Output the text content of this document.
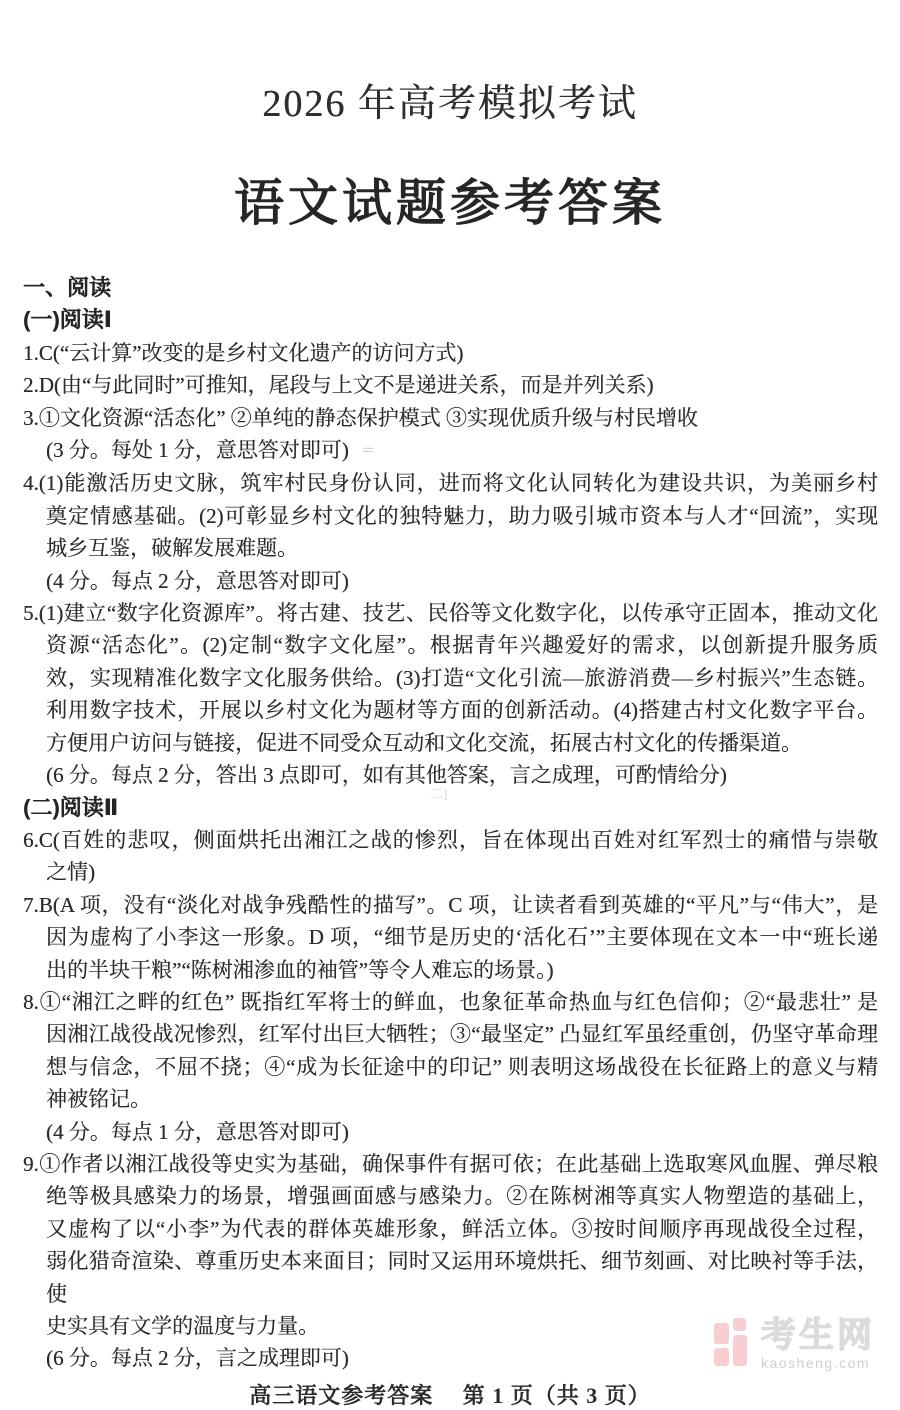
2026 年高考模拟考试
语文试题参考答案
一、阅读
(一)阅读Ⅰ
1.C(“云计算”改变的是乡村文化遗产的访问方式)
2.D(由“与此同时”可推知，尾段与上文不是递进关系，而是并列关系)
3.①文化资源“活态化” ②单纯的静态保护模式 ③实现优质升级与村民增收
(3 分。每处 1 分，意思答对即可) ＝
4.(1)能激活历史文脉，筑牢村民身份认同，进而将文化认同转化为建设共识，为美丽乡村
奠定情感基础。(2)可彰显乡村文化的独特魅力，助力吸引城市资本与人才“回流”，实现
城乡互鉴，破解发展难题。
(4 分。每点 2 分，意思答对即可)
5.(1)建立“数字化资源库”。将古建、技艺、民俗等文化数字化，以传承守正固本，推动文化
资源“活态化”。(2)定制“数字文化屋”。根据青年兴趣爱好的需求，以创新提升服务质
效，实现精准化数字文化服务供给。(3)打造“文化引流—旅游消费—乡村振兴”生态链。
利用数字技术，开展以乡村文化为题材等方面的创新活动。(4)搭建古村文化数字平台。
方便用户访问与链接，促进不同受众互动和文化交流，拓展古村文化的传播渠道。
(6 分。每点 2 分，答出 3 点即可，如有其他答案，言之成理，可酌情给分)
(二)阅读Ⅱ
6.C(百姓的悲叹，侧面烘托出湘江之战的惨烈，旨在体现出百姓对红军烈士的痛惜与崇敬
之情)
7.B(A 项，没有“淡化对战争残酷性的描写”。C 项，让读者看到英雄的“平凡”与“伟大”，是
因为虚构了小李这一形象。D 项，“细节是历史的‘活化石’”主要体现在文本一中“班长递
出的半块干粮”“陈树湘渗血的袖管”等令人难忘的场景。)
8.①“湘江之畔的红色” 既指红军将士的鲜血，也象征革命热血与红色信仰；②“最悲壮” 是
因湘江战役战况惨烈，红军付出巨大牺牲；③“最坚定” 凸显红军虽经重创，仍坚守革命理
想与信念，不屈不挠；④“成为长征途中的印记” 则表明这场战役在长征路上的意义与精
神被铭记。
(4 分。每点 1 分，意思答对即可)
9.①作者以湘江战役等史实为基础，确保事件有据可依；在此基础上选取寒风血腥、弹尽粮
绝等极具感染力的场景，增强画面感与感染力。②在陈树湘等真实人物塑造的基础上，
又虚构了以“小李”为代表的群体英雄形象，鲜活立体。③按时间顺序再现战役全过程，
弱化猎奇渲染、尊重历史本来面目；同时又运用环境烘托、细节刻画、对比映衬等手法，使
史实具有文学的温度与力量。
(6 分。每点 2 分，言之成理即可)
二]
高三语文参考答案　 第 1 页（共 3 页）
考生网
kaosheng.com
